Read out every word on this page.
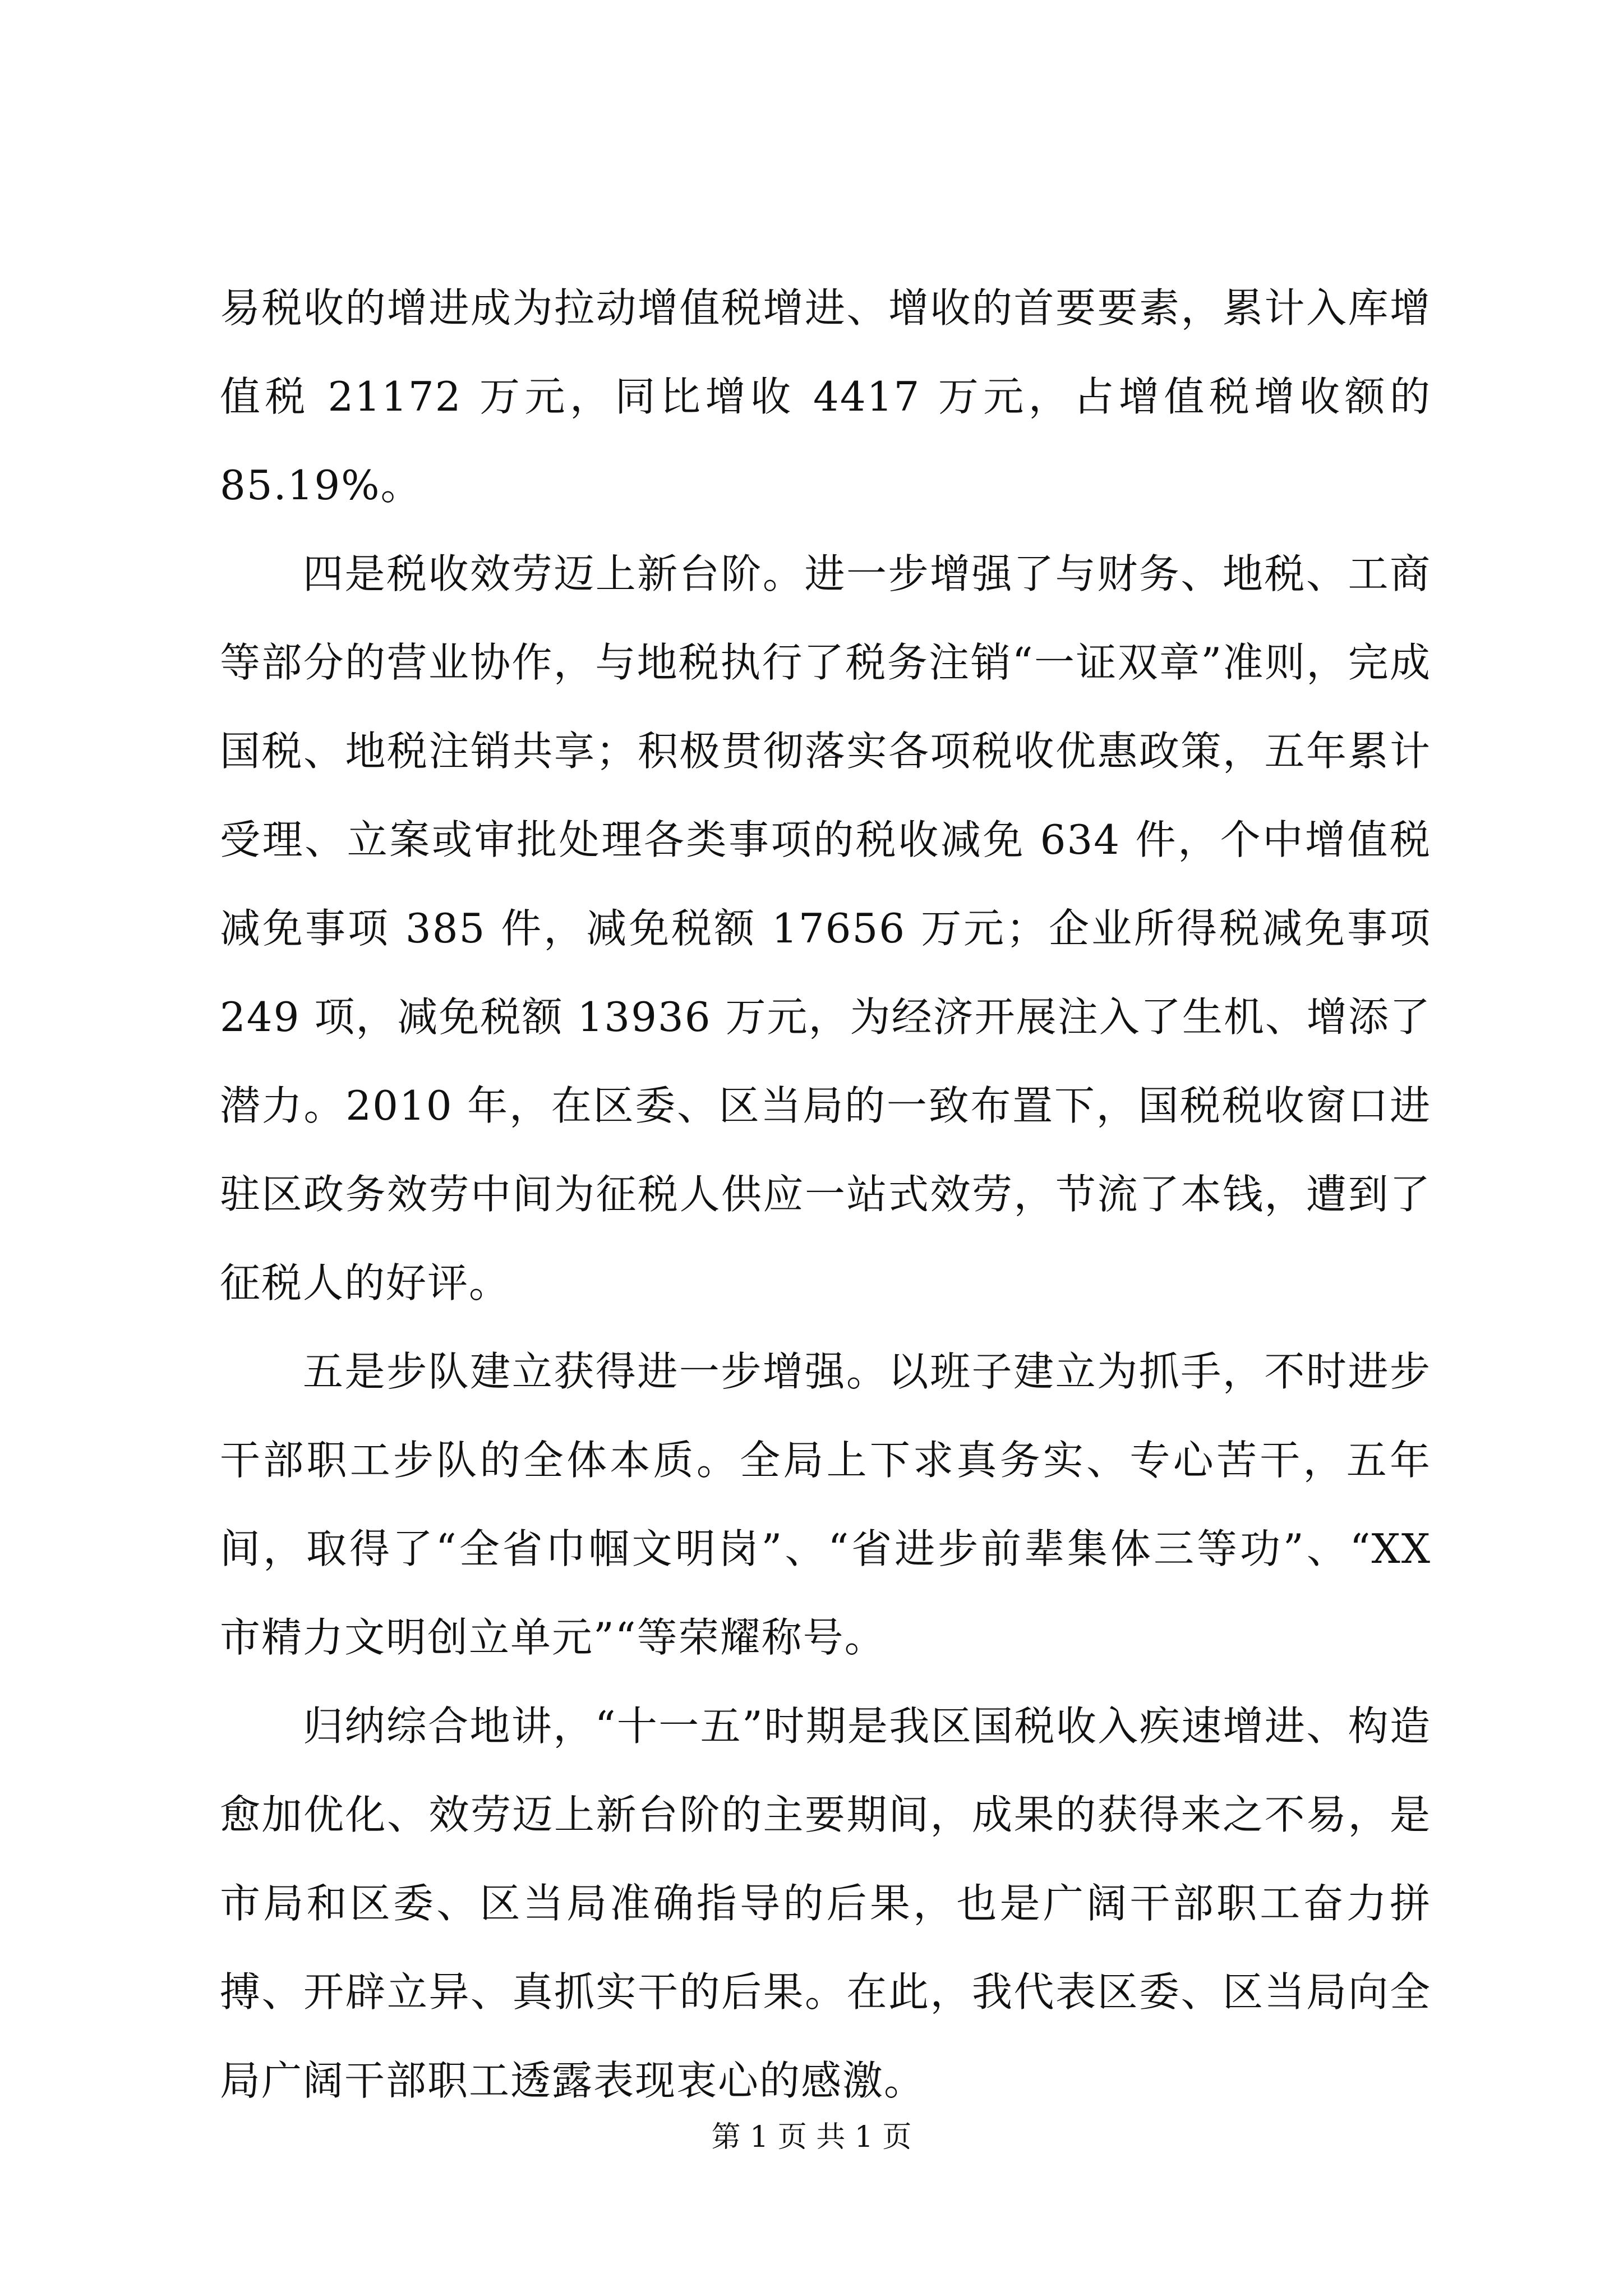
易税收的增进成为拉动增值税增进、增收的首要要素，累计入库增值税 21172 万元，同比增收 4417 万元，占增值税增收额的 85.19%。

四是税收效劳迈上新台阶。进一步增强了与财务、地税、工商等部分的营业协作，与地税执行了税务注销“一证双章”准则，完成国税、地税注销共享；积极贯彻落实各项税收优惠政策，五年累计受理、立案或审批处理各类事项的税收减免 634 件，个中增值税减免事项 385 件，减免税额 17656 万元；企业所得税减免事项 249 项，减免税额 13936 万元，为经济开展注入了生机、增添了潜力。2010 年，在区委、区当局的一致布置下，国税税收窗口进驻区政务效劳中间为征税人供应一站式效劳，节流了本钱，遭到了征税人的好评。

五是步队建立获得进一步增强。以班子建立为抓手，不时进步干部职工步队的全体本质。全局上下求真务实、专心苦干，五年间，取得了“全省巾帼文明岗”、“省进步前辈集体三等功”、“XX 市精力文明创立单元”“等荣耀称号。

归纳综合地讲，“十一五”时期是我区国税收入疾速增进、构造愈加优化、效劳迈上新台阶的主要期间，成果的获得来之不易，是市局和区委、区当局准确指导的后果，也是广阔干部职工奋力拼搏、开辟立异、真抓实干的后果。在此，我代表区委、区当局向全局广阔干部职工透露表现衷心的感激。

第 1 页 共 1 页
